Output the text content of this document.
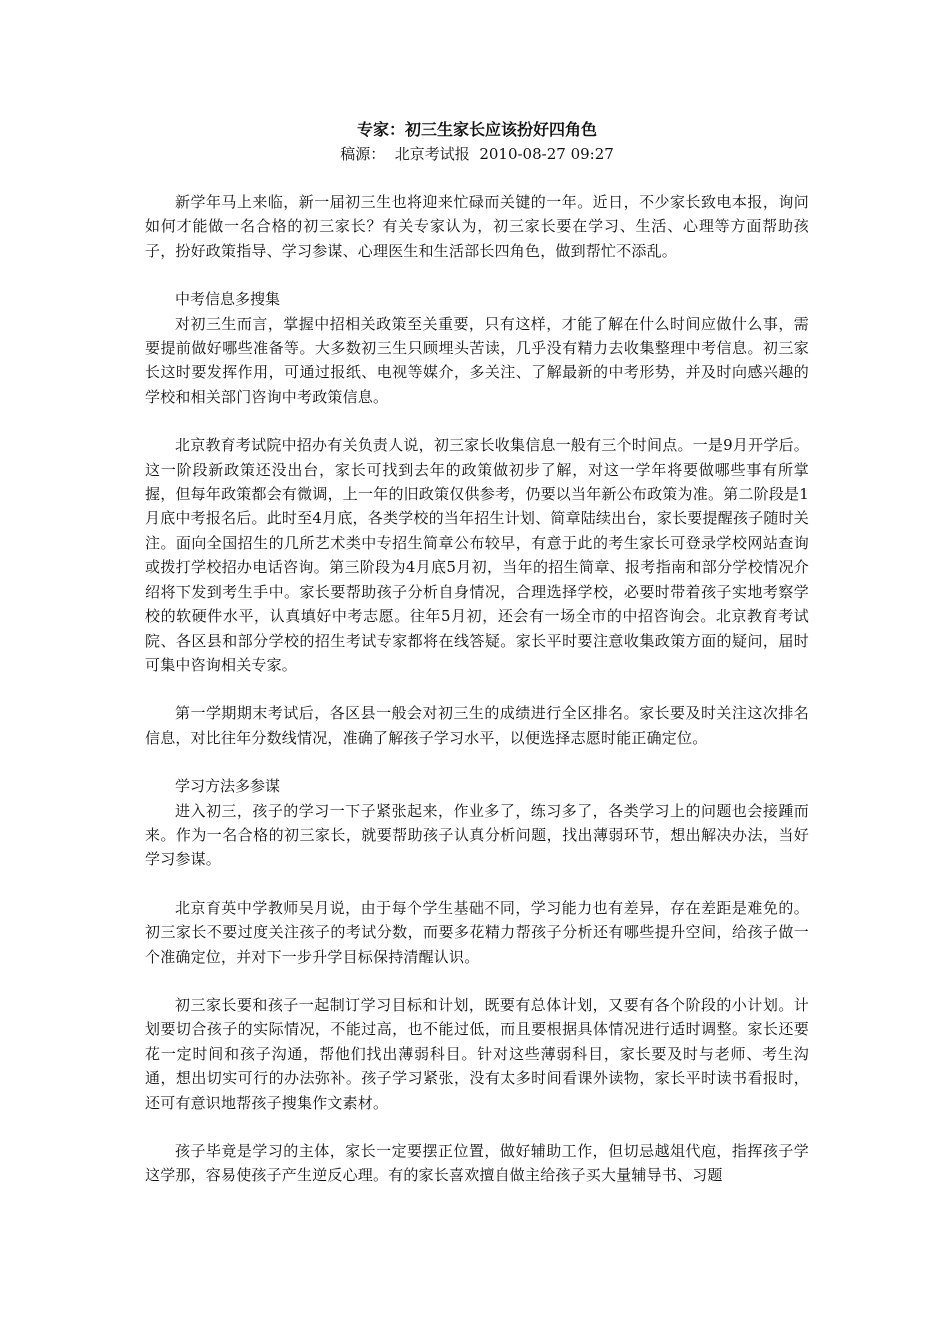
专家：初三生家长应该扮好四角色
稿源： 北京考试报 2010-08-27 09:27

新学年马上来临，新一届初三生也将迎来忙碌而关键的一年。近日，不少家长致电本报，询问如何才能做一名合格的初三家长？有关专家认为，初三家长要在学习、生活、心理等方面帮助孩子，扮好政策指导、学习参谋、心理医生和生活部长四角色，做到帮忙不添乱。

中考信息多搜集

对初三生而言，掌握中招相关政策至关重要，只有这样，才能了解在什么时间应做什么事，需要提前做好哪些准备等。大多数初三生只顾埋头苦读，几乎没有精力去收集整理中考信息。初三家长这时要发挥作用，可通过报纸、电视等媒介，多关注、了解最新的中考形势，并及时向感兴趣的学校和相关部门咨询中考政策信息。

北京教育考试院中招办有关负责人说，初三家长收集信息一般有三个时间点。一是9月开学后。这一阶段新政策还没出台，家长可找到去年的政策做初步了解，对这一学年将要做哪些事有所掌握，但每年政策都会有微调，上一年的旧政策仅供参考，仍要以当年新公布政策为准。第二阶段是1月底中考报名后。此时至4月底，各类学校的当年招生计划、简章陆续出台，家长要提醒孩子随时关注。面向全国招生的几所艺术类中专招生简章公布较早，有意于此的考生家长可登录学校网站查询或拨打学校招办电话咨询。第三阶段为4月底5月初，当年的招生简章、报考指南和部分学校情况介绍将下发到考生手中。家长要帮助孩子分析自身情况，合理选择学校，必要时带着孩子实地考察学校的软硬件水平，认真填好中考志愿。往年5月初，还会有一场全市的中招咨询会。北京教育考试院、各区县和部分学校的招生考试专家都将在线答疑。家长平时要注意收集政策方面的疑问，届时可集中咨询相关专家。

第一学期期末考试后，各区县一般会对初三生的成绩进行全区排名。家长要及时关注这次排名信息，对比往年分数线情况，准确了解孩子学习水平，以便选择志愿时能正确定位。

学习方法多参谋

进入初三，孩子的学习一下子紧张起来，作业多了，练习多了，各类学习上的问题也会接踵而来。作为一名合格的初三家长，就要帮助孩子认真分析问题，找出薄弱环节，想出解决办法，当好学习参谋。

北京育英中学教师吴月说，由于每个学生基础不同，学习能力也有差异，存在差距是难免的。初三家长不要过度关注孩子的考试分数，而要多花精力帮孩子分析还有哪些提升空间，给孩子做一个准确定位，并对下一步升学目标保持清醒认识。

初三家长要和孩子一起制订学习目标和计划，既要有总体计划，又要有各个阶段的小计划。计划要切合孩子的实际情况，不能过高，也不能过低，而且要根据具体情况进行适时调整。家长还要花一定时间和孩子沟通，帮他们找出薄弱科目。针对这些薄弱科目，家长要及时与老师、考生沟通，想出切实可行的办法弥补。孩子学习紧张，没有太多时间看课外读物，家长平时读书看报时，还可有意识地帮孩子搜集作文素材。

孩子毕竟是学习的主体，家长一定要摆正位置，做好辅助工作，但切忌越俎代庖，指挥孩子学这学那，容易使孩子产生逆反心理。有的家长喜欢擅自做主给孩子买大量辅导书、习题
